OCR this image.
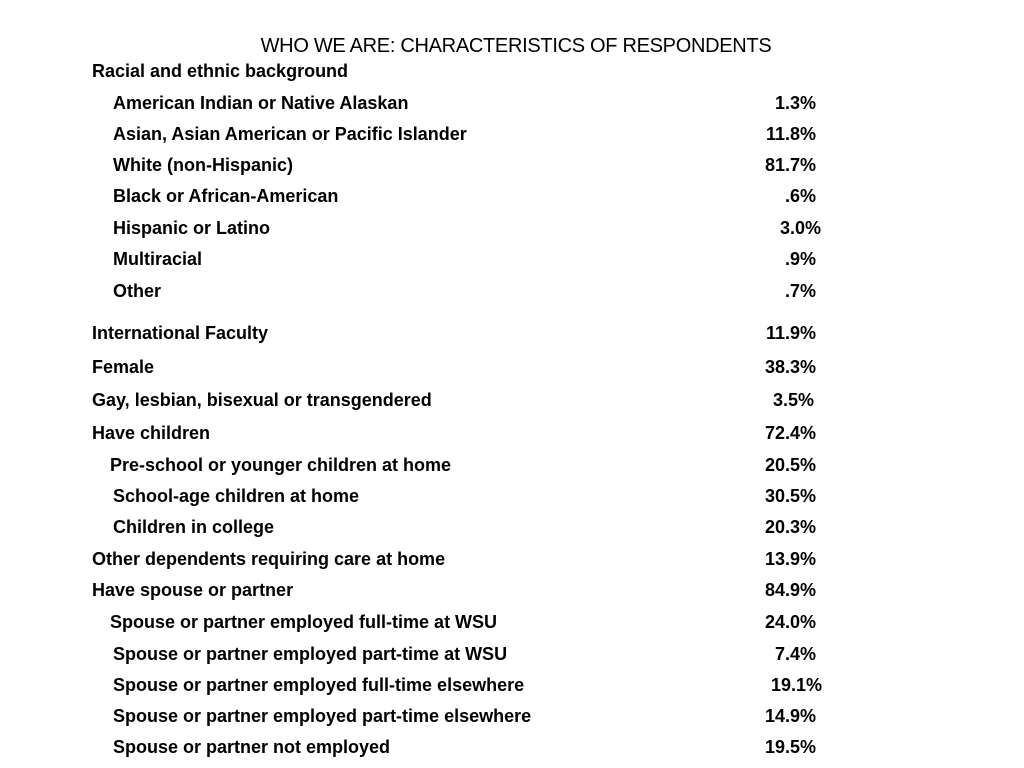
WHO WE ARE: CHARACTERISTICS OF RESPONDENTS
Racial and ethnic background
American Indian or Native Alaskan	1.3%
Asian, Asian American or Pacific Islander	11.8%
White (non-Hispanic)	81.7%
Black or African-American	.6%
Hispanic or Latino	3.0%
Multiracial	.9%
Other	.7%
International Faculty	11.9%
Female	38.3%
Gay, lesbian, bisexual or transgendered	3.5%
Have children	72.4%
Pre-school or younger children at home	20.5%
School-age children at home	30.5%
Children in college	20.3%
Other dependents requiring care at home	13.9%
Have spouse or partner	84.9%
Spouse or partner employed full-time at WSU	24.0%
Spouse or partner employed part-time at WSU	7.4%
Spouse or partner employed full-time elsewhere	19.1%
Spouse or partner employed part-time elsewhere	14.9%
Spouse or partner not employed	19.5%
